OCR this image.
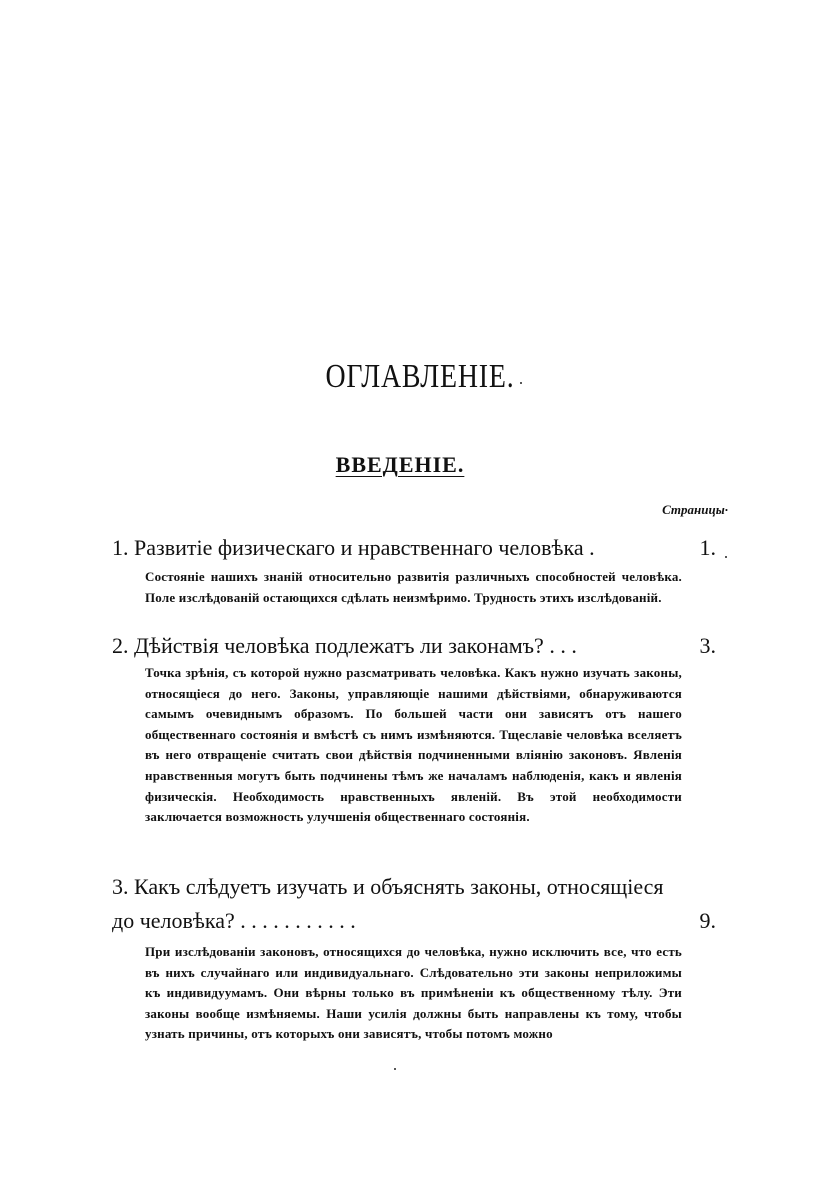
ОГЛАВЛЕНІЕ.
ВВЕДЕНІЕ.
Страницы·
1. Развитіе физическаго и нравственнаго человѣка .	1.
Состояніе нашихъ знаній относительно развитія различныхъ способностей человѣка. Поле изслѣдованій остающихся сдѣлать неизмѣримо. Трудность этихъ изслѣдованій.
2. Дѣйствія человѣка подлежатъ ли законамъ? . . .	3.
Точка зрѣнія, съ которой нужно разсматривать человѣка. Какъ нужно изучать законы, относящіеся до него. Законы, управляющіе нашими дѣйствіями, обнаруживаются самымъ очевиднымъ образомъ. По большей части они зависятъ отъ нашего общественнаго состоянія и вмѣстѣ съ нимъ измѣняются. Тщеславіе человѣка вселяетъ въ него отвращеніе считать свои дѣйствія подчиненными вліянію законовъ. Явленія нравственныя могутъ быть подчинены тѣмъ же началамъ наблюденія, какъ и явленія физическія. Необходимость нравственныхъ явленій. Въ этой необходимости заключается возможность улучшенія общественнаго состоянія.
3. Какъ слѣдуетъ изучать и объяснять законы, относящіеся до человѣка? . . . . . . . . . . .	9.
При изслѣдованіи законовъ, относящихся до человѣка, нужно исключить все, что есть въ нихъ случайнаго или индивидуальнаго. Слѣдовательно эти законы неприложимы къ индивидуумамъ. Они вѣрны только въ примѣненіи къ общественному тѣлу. Эти законы вообще измѣняемы. Наши усилія должны быть направлены къ тому, чтобы узнать причины, отъ которыхъ они зависятъ, чтобы потомъ можно
